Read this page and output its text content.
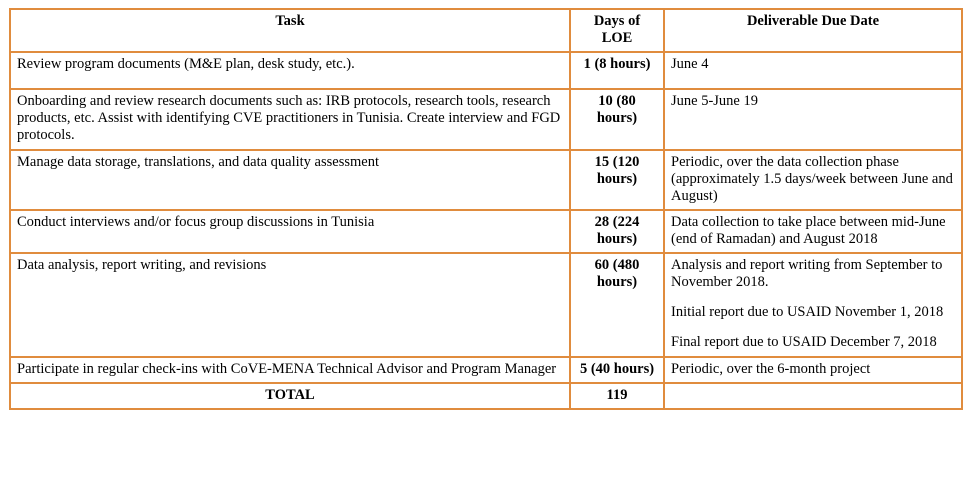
Task	Days of LOE	Deliverable Due Date
Review program documents (M&E plan, desk study, etc.).	1 (8 hours)	June 4

Onboarding and review research documents such as: IRB protocols, research tools, research products, etc. Assist with identifying CVE practitioners in Tunisia. Create interview and FGD protocols.	10 (80 hours)	June 5-June 19

Manage data storage, translations, and data quality assessment	15 (120 hours)	Periodic, over the data collection phase (approximately 1.5 days/week between June and August)

Conduct interviews and/or focus group discussions in Tunisia	28 (224 hours)	Data collection to take place between mid-June (end of Ramadan) and August 2018

Data analysis, report writing, and revisions	60 (480 hours)	Analysis and report writing from September to November 2018.

Initial report due to USAID November 1, 2018

Final report due to USAID December 7, 2018

Participate in regular check-ins with CoVE-MENA Technical Advisor and Program Manager	5 (40 hours)	Periodic, over the 6-month project

TOTAL	119	
